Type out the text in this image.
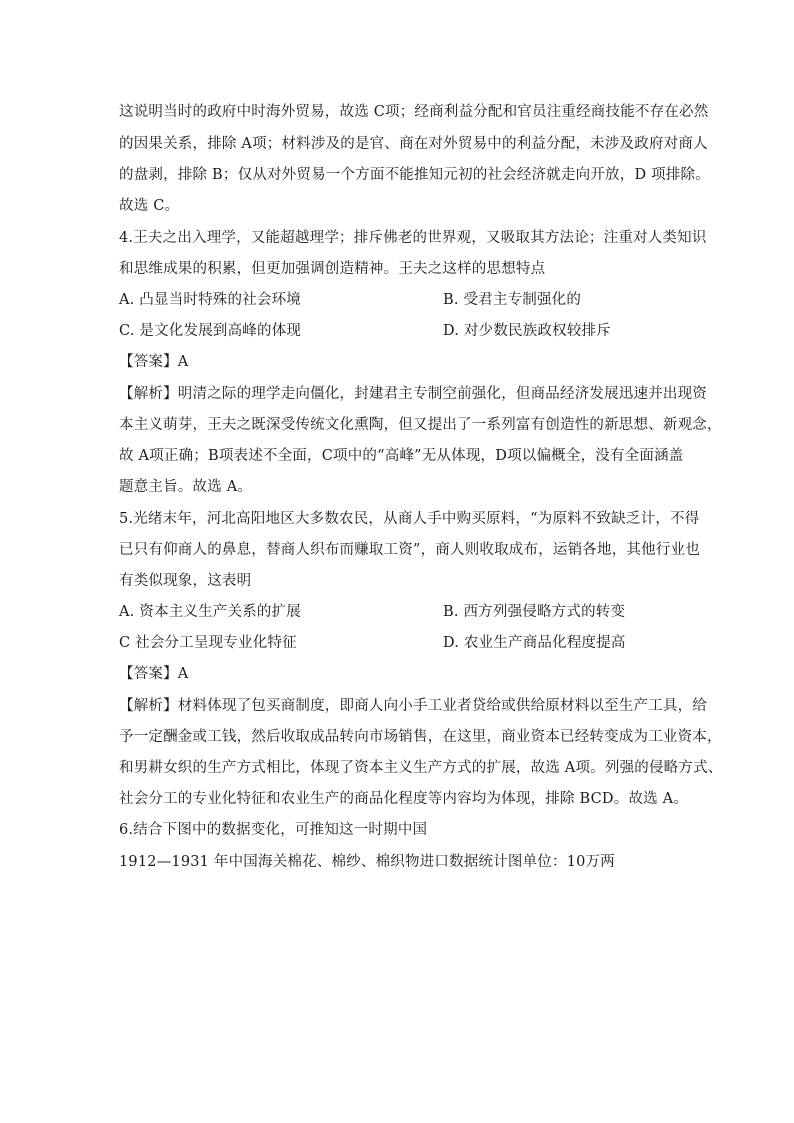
这说明当时的政府中时海外贸易，故选 C项；经商利益分配和官员注重经商技能不存在必然
的因果关系，排除 A项；材料涉及的是官、商在对外贸易中的利益分配，未涉及政府对商人
的盘剥，排除 B；仅从对外贸易一个方面不能推知元初的社会经济就走向开放，D 项排除。
故选 C。
4.王夫之出入理学，又能超越理学；排斥佛老的世界观，又吸取其方法论；注重对人类知识
和思维成果的积累，但更加强调创造精神。王夫之这样的思想特点
A. 凸显当时特殊的社会环境	B. 受君主专制强化的
C. 是文化发展到高峰的体现	D. 对少数民族政权较排斥
【答案】A
【解析】明清之际的理学走向僵化，封建君主专制空前强化，但商品经济发展迅速并出现资
本主义萌芽，王夫之既深受传统文化熏陶，但又提出了一系列富有创造性的新思想、新观念，
故 A项正确；B项表述不全面，C项中的“高峰”无从体现，D项以偏概全，没有全面涵盖
题意主旨。故选 A。
5.光绪末年，河北高阳地区大多数农民，从商人手中购买原料，“为原料不致缺乏计，不得
已只有仰商人的鼻息，替商人织布而赚取工资”，商人则收取成布，运销各地，其他行业也
有类似现象，这表明
A. 资本主义生产关系的扩展	B. 西方列强侵略方式的转变
C 社会分工呈现专业化特征	D. 农业生产商品化程度提高
【答案】A
【解析】材料体现了包买商制度，即商人向小手工业者贷给或供给原材料以至生产工具，给
予一定酬金或工钱，然后收取成品转向市场销售，在这里，商业资本已经转变成为工业资本，
和男耕女织的生产方式相比，体现了资本主义生产方式的扩展，故选 A项。列强的侵略方式、
社会分工的专业化特征和农业生产的商品化程度等内容均为体现，排除 BCD。故选 A。
6.结合下图中的数据变化，可推知这一时期中国
1912—1931 年中国海关棉花、棉纱、棉织物进口数据统计图单位：10万两
